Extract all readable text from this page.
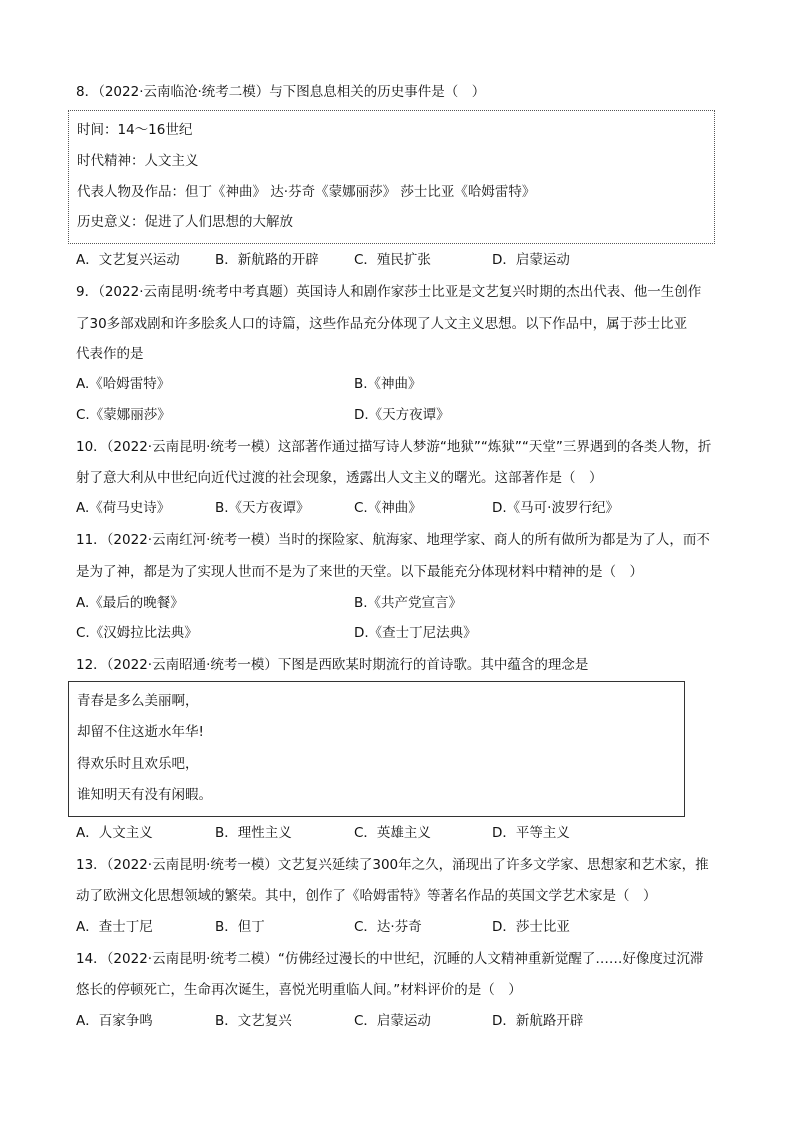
8．（2022·云南临沧·统考二模）与下图息息相关的历史事件是（　）
时间：14～16世纪
时代精神：人文主义
代表人物及作品：但丁《神曲》 达·芬奇《蒙娜丽莎》 莎士比亚《哈姆雷特》
历史意义：促进了人们思想的大解放
A．文艺复兴运动	B．新航路的开辟	C．殖民扩张	D．启蒙运动
9．（2022·云南昆明·统考中考真题）英国诗人和剧作家莎士比亚是文艺复兴时期的杰出代表、他一生创作
了30多部戏剧和许多脍炙人口的诗篇，这些作品充分体现了人文主义思想。以下作品中，属于莎士比亚
代表作的是
A.《哈姆雷特》	B.《神曲》
C.《蒙娜丽莎》	D.《天方夜谭》
10．（2022·云南昆明·统考一模）这部著作通过描写诗人梦游“地狱”“炼狱”“天堂”三界遇到的各类人物，折
射了意大利从中世纪向近代过渡的社会现象，透露出人文主义的曙光。这部著作是（　）
A.《荷马史诗》	B.《天方夜谭》	C.《神曲》	D.《马可·波罗行纪》
11．（2022·云南红河·统考一模）当时的探险家、航海家、地理学家、商人的所有做所为都是为了人，而不
是为了神，都是为了实现人世而不是为了来世的天堂。以下最能充分体现材料中精神的是（　）
A.《最后的晚餐》	B.《共产党宣言》
C.《汉姆拉比法典》	D.《查士丁尼法典》
12．（2022·云南昭通·统考一模）下图是西欧某时期流行的首诗歌。其中蕴含的理念是
青春是多么美丽啊，
却留不住这逝水年华!
得欢乐时且欢乐吧，
谁知明天有没有闲暇。
A．人文主义	B．理性主义	C．英雄主义	D．平等主义
13．（2022·云南昆明·统考一模）文艺复兴延续了300年之久，涌现出了许多文学家、思想家和艺术家，推
动了欧洲文化思想领域的繁荣。其中，创作了《哈姆雷特》等著名作品的英国文学艺术家是（　）
A．查士丁尼	B．但丁	C．达·芬奇	D．莎士比亚
14．（2022·云南昆明·统考二模）“仿佛经过漫长的中世纪，沉睡的人文精神重新觉醒了……好像度过沉滞
悠长的停顿死亡，生命再次诞生，喜悦光明重临人间。”材料评价的是（　）
A．百家争鸣	B．文艺复兴	C．启蒙运动	D．新航路开辟
